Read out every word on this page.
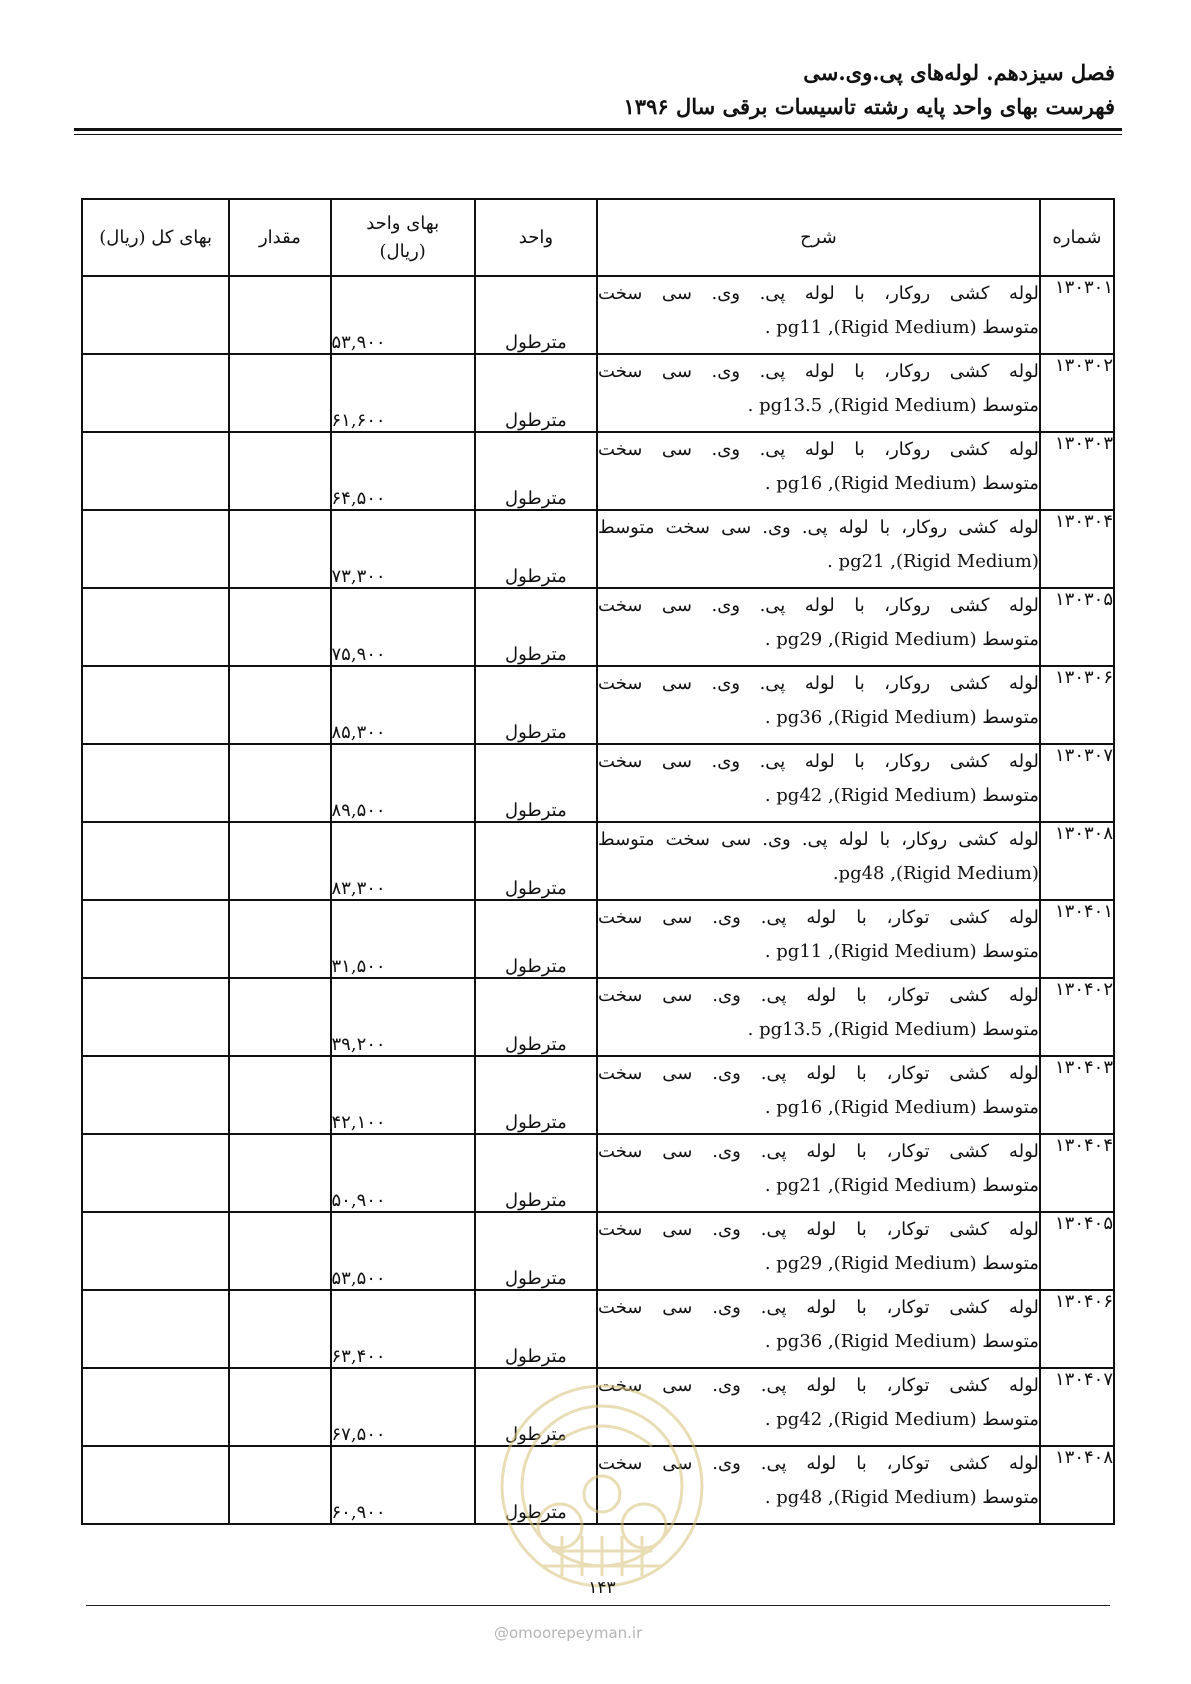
فصل سیزدهم. لوله‌های پی.وی.سی
فهرست بهای واحد پایه رشته تاسیسات برقی سال ۱۳۹۶
شماره	شرح	واحد	بهای واحد
(ریال)	مقدار	بهای کل (ریال)
۱۳۰۳۰۱	لوله کشی روکار، با لوله پی. وی. سی سخت
متوسط (Rigid Medium), pg11 .	مترطول	۵۳,۹۰۰		
۱۳۰۳۰۲	لوله کشی روکار، با لوله پی. وی. سی سخت
متوسط (Rigid Medium), pg13.5 .	مترطول	۶۱,۶۰۰		
۱۳۰۳۰۳	لوله کشی روکار، با لوله پی. وی. سی سخت
متوسط (Rigid Medium), pg16 .	مترطول	۶۴,۵۰۰		
۱۳۰۳۰۴	لوله کشی روکار، با لوله پی. وی. سی سخت متوسط
(Rigid Medium), pg21 .	مترطول	۷۳,۳۰۰		
۱۳۰۳۰۵	لوله کشی روکار، با لوله پی. وی. سی سخت
متوسط (Rigid Medium), pg29 .	مترطول	۷۵,۹۰۰		
۱۳۰۳۰۶	لوله کشی روکار، با لوله پی. وی. سی سخت
متوسط (Rigid Medium), pg36 .	مترطول	۸۵,۳۰۰		
۱۳۰۳۰۷	لوله کشی روکار، با لوله پی. وی. سی سخت
متوسط (Rigid Medium), pg42 .	مترطول	۸۹,۵۰۰		
۱۳۰۳۰۸	لوله کشی روکار، با لوله پی. وی. سی سخت متوسط
(Rigid Medium), pg48.	مترطول	۸۳,۳۰۰		
۱۳۰۴۰۱	لوله کشی توکار، با لوله پی. وی. سی سخت
متوسط (Rigid Medium), pg11 .	مترطول	۳۱,۵۰۰		
۱۳۰۴۰۲	لوله کشی توکار، با لوله پی. وی. سی سخت
متوسط (Rigid Medium), pg13.5 .	مترطول	۳۹,۲۰۰		
۱۳۰۴۰۳	لوله کشی توکار، با لوله پی. وی. سی سخت
متوسط (Rigid Medium), pg16 .	مترطول	۴۲,۱۰۰		
۱۳۰۴۰۴	لوله کشی توکار، با لوله پی. وی. سی سخت
متوسط (Rigid Medium), pg21 .	مترطول	۵۰,۹۰۰		
۱۳۰۴۰۵	لوله کشی توکار، با لوله پی. وی. سی سخت
متوسط (Rigid Medium), pg29 .	مترطول	۵۳,۵۰۰		
۱۳۰۴۰۶	لوله کشی توکار، با لوله پی. وی. سی سخت
متوسط (Rigid Medium), pg36 .	مترطول	۶۳,۴۰۰		
۱۳۰۴۰۷	لوله کشی توکار، با لوله پی. وی. سی سخت
متوسط (Rigid Medium), pg42 .	مترطول	۶۷,۵۰۰		
۱۳۰۴۰۸	لوله کشی توکار، با لوله پی. وی. سی سخت
متوسط (Rigid Medium), pg48 .	مترطول	۶۰,۹۰۰		
۱۴۳
@omoorepeyman.ir
